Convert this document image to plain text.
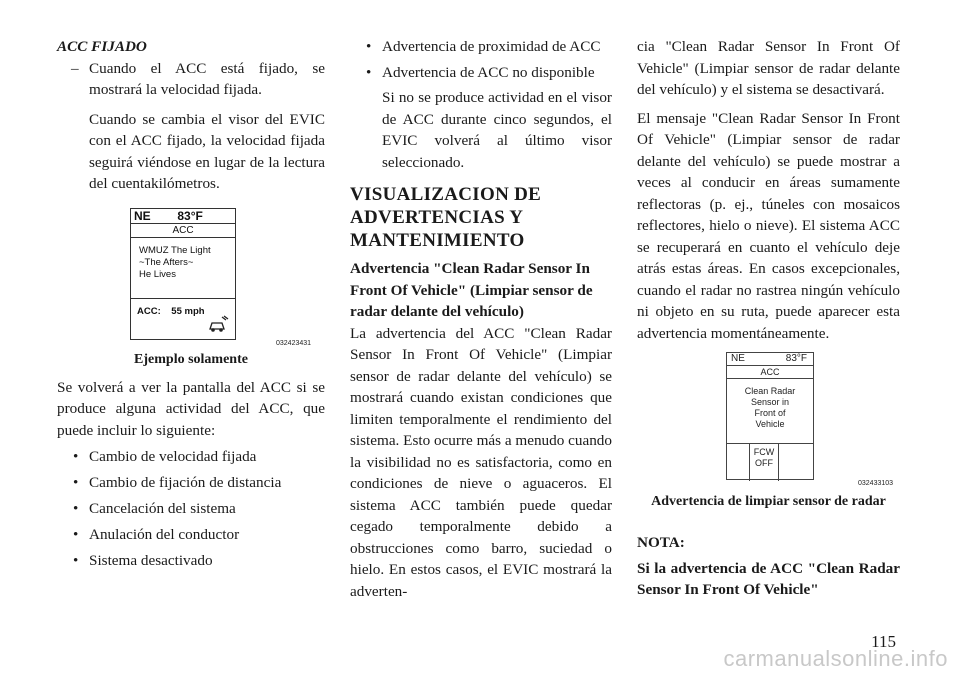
ACC FIJADO

– Cuando el ACC está fijado, se mostrará la velocidad fijada.

Cuando se cambia el visor del EVIC con el ACC fijado, la velocidad fijada seguirá viéndose en lugar de la lectura del cuentakilómetros.

NE        83°F
ACC
WMUZ The Light
~The Afters~
He Lives
ACC:    55 mph
032423431
Ejemplo solamente

Se volverá a ver la pantalla del ACC si se produce alguna actividad del ACC, que puede incluir lo siguiente:

• Cambio de velocidad fijada
• Cambio de fijación de distancia
• Cancelación del sistema
• Anulación del conductor
• Sistema desactivado
• Advertencia de proximidad de ACC
• Advertencia de ACC no disponible

Si no se produce actividad en el visor de ACC durante cinco segundos, el EVIC volverá al último visor seleccionado.

VISUALIZACION DE ADVERTENCIAS Y MANTENIMIENTO

Advertencia "Clean Radar Sensor In Front Of Vehicle" (Limpiar sensor de radar delante del vehículo)

La advertencia del ACC "Clean Radar Sensor In Front Of Vehicle" (Limpiar sensor de radar delante del vehículo) se mostrará cuando existan condiciones que limiten temporalmente el rendimiento del sistema. Esto ocurre más a menudo cuando la visibilidad no es satisfactoria, como en condiciones de nieve o aguaceros. El sistema ACC también puede quedar cegado temporalmente debido a obstrucciones como barro, suciedad o hielo. En estos casos, el EVIC mostrará la adverten-

cia "Clean Radar Sensor In Front Of Vehicle" (Limpiar sensor de radar delante del vehículo) y el sistema se desactivará.

El mensaje "Clean Radar Sensor In Front Of Vehicle" (Limpiar sensor de radar delante del vehículo) se puede mostrar a veces al conducir en áreas sumamente reflectoras (p. ej., túneles con mosaicos reflectores, hielo o nieve). El sistema ACC se recuperará en cuanto el vehículo deje atrás estas áreas. En casos excepcionales, cuando el radar no rastrea ningún vehículo ni objeto en su ruta, puede aparecer esta advertencia momentáneamente.

NE	83°F
ACC
Clean Radar
Sensor in
Front of
Vehicle
FCW
OFF
032433103
Advertencia de limpiar sensor de radar

NOTA:

Si la advertencia de ACC "Clean Radar Sensor In Front Of Vehicle"

115
carmanualsonline.info
